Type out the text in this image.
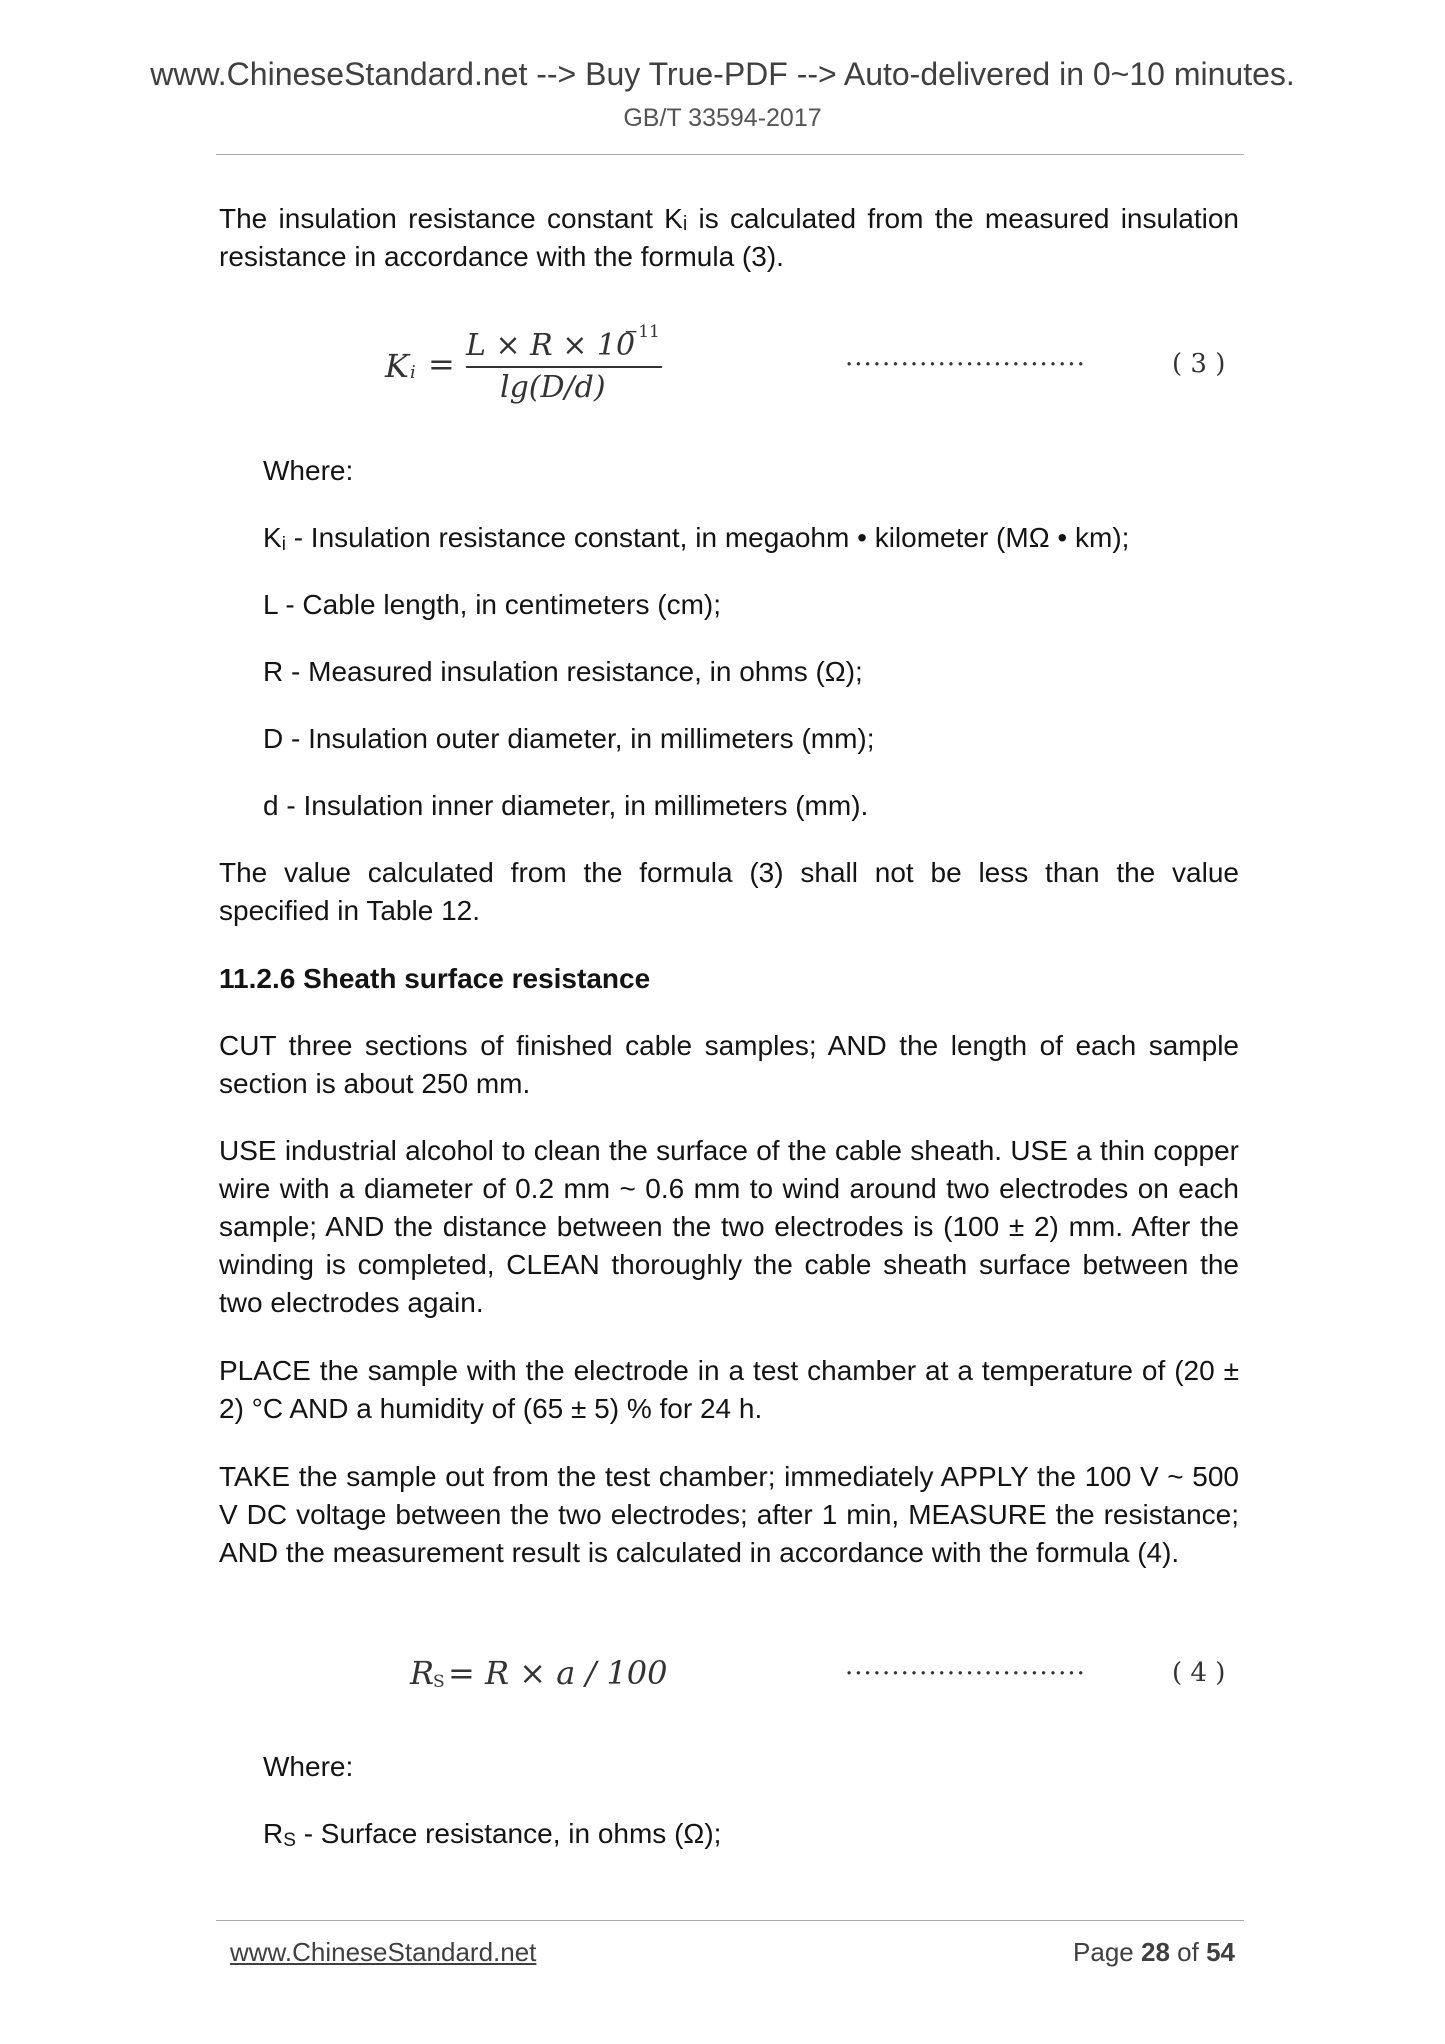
www.ChineseStandard.net --> Buy True-PDF --> Auto-delivered in 0~10 minutes.
GB/T 33594-2017
The insulation resistance constant Kᵢ is calculated from the measured insulation resistance in accordance with the formula (3).
K i = L × R × 10
−11
lg(D/d)
··························	( 3 )
Where:
Ki - Insulation resistance constant, in megaohm • kilometer (MΩ • km);
L - Cable length, in centimeters (cm);
R - Measured insulation resistance, in ohms (Ω);
D - Insulation outer diameter, in millimeters (mm);
d - Insulation inner diameter, in millimeters (mm).
The value calculated from the formula (3) shall not be less than the value specified in Table 12.
11.2.6 Sheath surface resistance
CUT three sections of finished cable samples; AND the length of each sample section is about 250 mm.
USE industrial alcohol to clean the surface of the cable sheath. USE a thin copper wire with a diameter of 0.2 mm ~ 0.6 mm to wind around two electrodes on each sample; AND the distance between the two electrodes is (100 ± 2) mm. After the winding is completed, CLEAN thoroughly the cable sheath surface between the two electrodes again.
PLACE the sample with the electrode in a test chamber at a temperature of (20 ± 2) °C AND a humidity of (65 ± 5) % for 24 h.
TAKE the sample out from the test chamber; immediately APPLY the 100 V ~ 500 V DC voltage between the two electrodes; after 1 min, MEASURE the resistance; AND the measurement result is calculated in accordance with the formula (4).
R
S = R × a / 100	··························	( 4 )
Where:
RS - Surface resistance, in ohms (Ω);
www.ChineseStandard.net	Page 28 of 54
